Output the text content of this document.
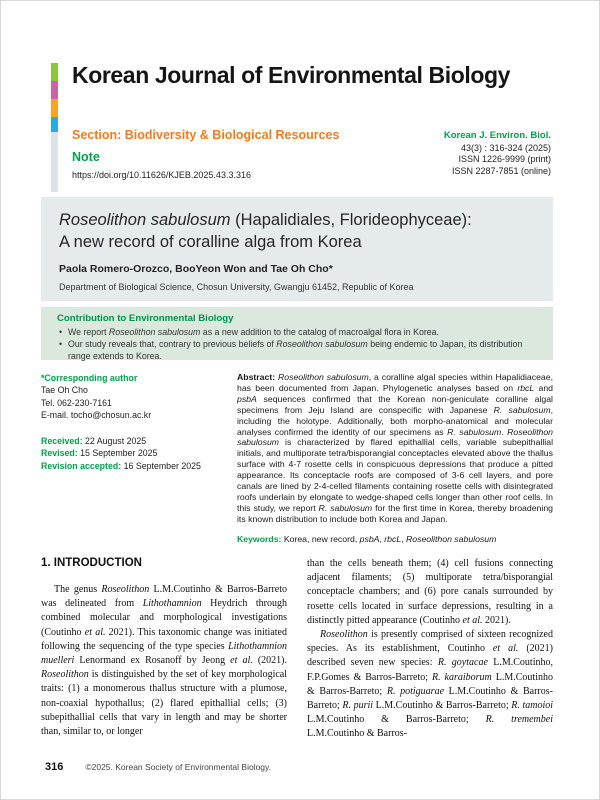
Korean Journal of Environmental Biology
Section: Biodiversity & Biological Resources
Note
https://doi.org/10.11626/KJEB.2025.43.3.316
Korean J. Environ. Biol.
43(3) : 316-324 (2025)
ISSN 1226-9999 (print)
ISSN 2287-7851 (online)
Roseolithon sabulosum (Hapalidiales, Florideophyceae):
A new record of coralline alga from Korea
Paola Romero-Orozco, BooYeon Won and Tae Oh Cho*
Department of Biological Science, Chosun University, Gwangju 61452, Republic of Korea
Contribution to Environmental Biology
• We report Roseolithon sabulosum as a new addition to the catalog of macroalgal flora in Korea.
• Our study reveals that, contrary to previous beliefs of Roseolithon sabulosum being endemic to Japan, its distribution range extends to Korea.
*Corresponding author
Tae Oh Cho
Tel. 062-230-7161
E-mail. tocho@chosun.ac.kr
Received: 22 August 2025
Revised: 15 September 2025
Revision accepted: 16 September 2025

Abstract: Roseolithon sabulosum, a coralline algal species within Hapalidiaceae, has been documented from Japan. Phylogenetic analyses based on rbcL and psbA sequences confirmed that the Korean non-geniculate coralline algal specimens from Jeju Island are conspecific with Japanese R. sabulosum, including the holotype. Additionally, both morpho-anatomical and molecular analyses confirmed the identity of our specimens as R. sabulosum. Roseolithon sabulosum is characterized by flared epithallial cells, variable subepithallial initials, and multiporate tetra/bisporangial conceptacles elevated above the thallus surface with 4-7 rosette cells in conspicuous depressions that produce a pitted appearance. Its conceptacle roofs are composed of 3-6 cell layers, and pore canals are lined by 2-4-celled filaments containing rosette cells with disintegrated roofs underlain by elongate to wedge-shaped cells longer than other roof cells. In this study, we report R. sabulosum for the first time in Korea, thereby broadening its known distribution to include both Korea and Japan.

Keywords: Korea, new record, psbA, rbcL, Roseolithon sabulosum

1. INTRODUCTION

The genus Roseolithon L.M.Coutinho & Barros-Barreto was delineated from Lithothamnion Heydrich through combined molecular and morphological investigations (Coutinho et al. 2021). This taxonomic change was initiated following the sequencing of the type species Lithothamnion muelleri Lenormand ex Rosanoff by Jeong et al. (2021). Roseolithon is distinguished by the set of key morphological traits: (1) a monomerous thallus structure with a plumose, non-coaxial hypothallus; (2) flared epithallial cells; (3) subepithallial cells that vary in length and may be shorter than, similar to, or longer

than the cells beneath them; (4) cell fusions connecting adjacent filaments; (5) multiporate tetra/bisporangial conceptacle chambers; and (6) pore canals surrounded by rosette cells located in surface depressions, resulting in a distinctly pitted appearance (Coutinho et al. 2021).

Roseolithon is presently comprised of sixteen recognized species. As its establishment, Coutinho et al. (2021) described seven new species: R. goytacae L.M.Coutinho, F.P.Gomes & Barros-Barreto; R. karaiborum L.M.Coutinho & Barros-Barreto; R. potiguarae L.M.Coutinho & Barros-Barreto; R. purii L.M.Coutinho & Barros-Barreto; R. tamoioi L.M.Coutinho & Barros-Barreto; R. tremembei L.M.Coutinho & Barros-

316	©2025. Korean Society of Environmental Biology.
